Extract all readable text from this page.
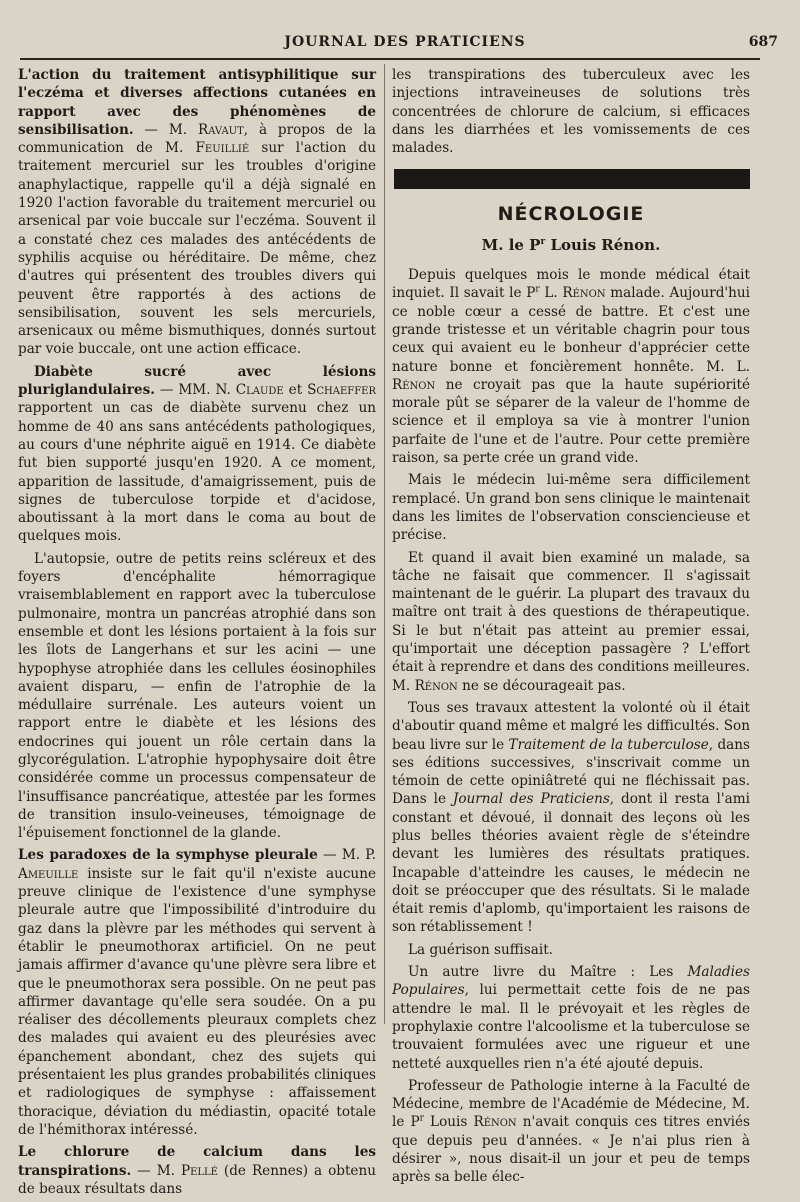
JOURNAL DES PRATICIENS	687

L'action du traitement antisyphilitique sur l'eczéma et diverses affections cutanées en rapport avec des phénomènes de sensibilisation. — M. Ravaut, à propos de la communication de M. Feuillié sur l'action du traitement mercuriel sur les troubles d'origine anaphylactique, rappelle qu'il a déjà signalé en 1920 l'action favorable du traitement mercuriel ou arsenical par voie buccale sur l'eczéma. Souvent il a constaté chez ces malades des antécédents de syphilis acquise ou héréditaire. De même, chez d'autres qui présentent des troubles divers qui peuvent être rapportés à des actions de sensibilisation, souvent les sels mercuriels, arsenicaux ou même bismuthiques, donnés surtout par voie buccale, ont une action efficace.

Diabète sucré avec lésions pluriglandulaires. — MM. N. Claude et Schaeffer rapportent un cas de diabète survenu chez un homme de 40 ans sans antécédents pathologiques, au cours d'une néphrite aiguë en 1914. Ce diabète fut bien supporté jusqu'en 1920. A ce moment, apparition de lassitude, d'amaigrissement, puis de signes de tuberculose torpide et d'acidose, aboutissant à la mort dans le coma au bout de quelques mois.

L'autopsie, outre de petits reins scléreux et des foyers d'encéphalite hémorragique vraisemblablement en rapport avec la tuberculose pulmonaire, montra un pancréas atrophié dans son ensemble et dont les lésions portaient à la fois sur les îlots de Langerhans et sur les acini — une hypophyse atrophiée dans les cellules éosinophiles avaient disparu, — enfin de l'atrophie de la médullaire surrénale. Les auteurs voient un rapport entre le diabète et les lésions des endocrines qui jouent un rôle certain dans la glycorégulation. L'atrophie hypophysaire doit être considérée comme un processus compensateur de l'insuffisance pancréatique, attestée par les formes de transition insulo-veineuses, témoignage de l'épuisement fonctionnel de la glande.

Les paradoxes de la symphyse pleurale — M. P. Ameuille insiste sur le fait qu'il n'existe aucune preuve clinique de l'existence d'une symphyse pleurale autre que l'impossibilité d'introduire du gaz dans la plèvre par les méthodes qui servent à établir le pneumothorax artificiel. On ne peut jamais affirmer d'avance qu'une plèvre sera libre et que le pneumothorax sera possible. On ne peut pas affirmer davantage qu'elle sera soudée. On a pu réaliser des décollements pleuraux complets chez des malades qui avaient eu des pleurésies avec épanchement abondant, chez des sujets qui présentaient les plus grandes probabilités cliniques et radiologiques de symphyse : affaissement thoracique, déviation du médiastin, opacité totale de l'hémithorax intéressé.

Le chlorure de calcium dans les transpirations. — M. Pellé (de Rennes) a obtenu de beaux résultats dans

les transpirations des tuberculeux avec les injections intraveineuses de solutions très concentrées de chlorure de calcium, si efficaces dans les diarrhées et les vomissements de ces malades.

NÉCROLOGIE
M. le $P^r$ Louis Rénon.

Depuis quelques mois le monde médical était inquiet. Il savait le $P^r$ L. Rénon malade. Aujourd'hui ce noble cœur a cessé de battre. Et c'est une grande tristesse et un véritable chagrin pour tous ceux qui avaient eu le bonheur d'apprécier cette nature bonne et foncièrement honnête. M. L. Rénon ne croyait pas que la haute supériorité morale pût se séparer de la valeur de l'homme de science et il employa sa vie à montrer l'union parfaite de l'une et de l'autre. Pour cette première raison, sa perte crée un grand vide.

Mais le médecin lui-même sera difficilement remplacé. Un grand bon sens clinique le maintenait dans les limites de l'observation consciencieuse et précise.

Et quand il avait bien examiné un malade, sa tâche ne faisait que commencer. Il s'agissait maintenant de le guérir. La plupart des travaux du maître ont trait à des questions de thérapeutique. Si le but n'était pas atteint au premier essai, qu'importait une déception passagère ? L'effort était à reprendre et dans des conditions meilleures. M. Rénon ne se décourageait pas.

Tous ses travaux attestent la volonté où il était d'aboutir quand même et malgré les difficultés. Son beau livre sur le Traitement de la tuberculose, dans ses éditions successives, s'inscrivait comme un témoin de cette opiniâtreté qui ne fléchissait pas. Dans le Journal des Praticiens, dont il resta l'ami constant et dévoué, il donnait des leçons où les plus belles théories avaient règle de s'éteindre devant les lumières des résultats pratiques. Incapable d'atteindre les causes, le médecin ne doit se préoccuper que des résultats. Si le malade était remis d'aplomb, qu'importaient les raisons de son rétablissement !

La guérison suffisait.

Un autre livre du Maître : Les Maladies Populaires, lui permettait cette fois de ne pas attendre le mal. Il le prévoyait et les règles de prophylaxie contre l'alcoolisme et la tuberculose se trouvaient formulées avec une rigueur et une netteté auxquelles rien n'a été ajouté depuis.

Professeur de Pathologie interne à la Faculté de Médecine, membre de l'Académie de Médecine, M. le $P^r$ Louis Rénon n'avait conquis ces titres enviés que depuis peu d'années. « Je n'ai plus rien à désirer », nous disait-il un jour et peu de temps après sa belle élec-
